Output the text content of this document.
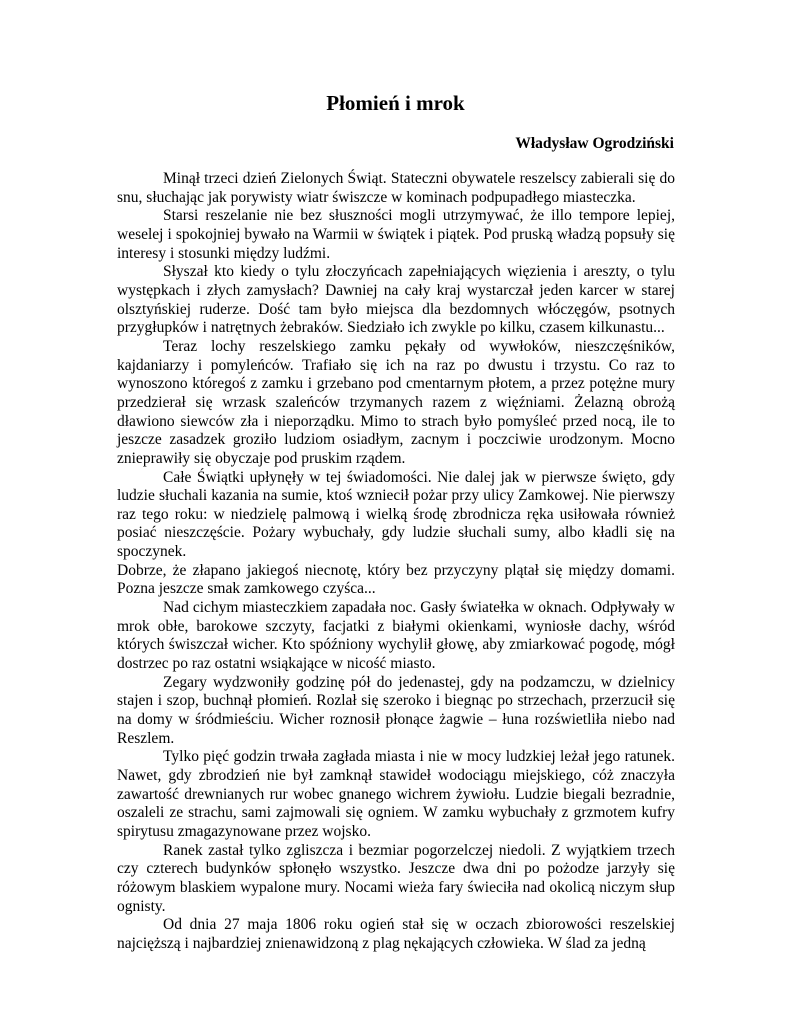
Płomień i mrok
Władysław Ogrodziński

Minął trzeci dzień Zielonych Świąt. Stateczni obywatele reszelscy zabierali się do snu, słuchając jak porywisty wiatr świszcze w kominach podpupadłego miasteczka.

Starsi reszelanie nie bez słuszności mogli utrzymywać, że illo tempore lepiej, weselej i spokojniej bywało na Warmii w świątek i piątek. Pod pruską władzą popsuły się interesy i stosunki między ludźmi.

Słyszał kto kiedy o tylu złoczyńcach zapełniających więzienia i areszty, o tylu występkach i złych zamysłach? Dawniej na cały kraj wystarczał jeden karcer w starej olsztyńskiej ruderze. Dość tam było miejsca dla bezdomnych włóczęgów, psotnych przygłupków i natrętnych żebraków. Siedziało ich zwykle po kilku, czasem kilkunastu...

Teraz lochy reszelskiego zamku pękały od wywłoków, nieszczęśników, kajdaniarzy i pomyleńców. Trafiało się ich na raz po dwustu i trzystu. Co raz to wynoszono któregoś z zamku i grzebano pod cmentarnym płotem, a przez potężne mury przedzierał się wrzask szaleńców trzymanych razem z więźniami. Żelazną obrożą dławiono siewców zła i nieporządku. Mimo to strach było pomyśleć przed nocą, ile to jeszcze zasadzek groziło ludziom osiadłym, zacnym i poczciwie urodzonym. Mocno zniepraw​iły się obyczaje pod pruskim rządem.

Całe Świątki upłynęły w tej świadomości. Nie dalej jak w pierwsze święto, gdy ludzie słuchali kazania na sumie, ktoś wzniecił pożar przy ulicy Zamkowej. Nie pierwszy raz tego roku: w niedzielę palmową i wielką środę zbrodnicza ręka usiłowała również posiać nieszczęście. Pożary wybuchały, gdy ludzie słuchali sumy, albo kładli się na spoczynek.

Dobrze, że złapano jakiegoś niecnotę, który bez przyczyny plątał się między domami. Pozna jeszcze smak zamkowego czyśca...

Nad cichym miasteczkiem zapadała noc. Gasły światełka w oknach. Odpływały w mrok obłe, barokowe szczyty, facjatki z białymi okienkami, wyniosłe dachy, wśród których świszczał wicher. Kto spóźniony wychylił głowę, aby zmiarkować pogodę, mógł dostrzec po raz ostatni wsiąkające w nicość miasto.

Zegary wydzwoniły godzinę pół do jedenastej, gdy na podzamczu, w dzielnicy stajen i szop, buchnął płomień. Rozlał się szeroko i biegnąc po strzechach, przerzucił się na domy w śródmieściu. Wicher roznosił płonące żagwie – łuna rozświetliła niebo nad Reszlem.

Tylko pięć godzin trwała zagłada miasta i nie w mocy ludzkiej leżał jego ratunek. Nawet, gdy zbrodzień nie był zamknął stawideł wodociągu miejskiego, cóż znaczyła zawartość drewnianych rur wobec gnanego wichrem żywiołu. Ludzie biegali bezradnie, oszaleli ze strachu, sami zajmowali się ogniem. W zamku wybuchały z grzmotem kufry spirytusu zmagazynowane przez wojsko.

Ranek zastał tylko zgliszcza i bezmiar pogorzelczej niedoli. Z wyjątkiem trzech czy czterech budynków spłonęło wszystko. Jeszcze dwa dni po pożodze jarzyły się różowym blaskiem wypalone mury. Nocami wieża fary świeciła nad okolicą niczym słup ognisty.

Od dnia 27 maja 1806 roku ogień stał się w oczach zbiorowości reszelskiej najcięższą i najbardziej znienawidzoną z plag nękających człowieka. W ślad za jedną
